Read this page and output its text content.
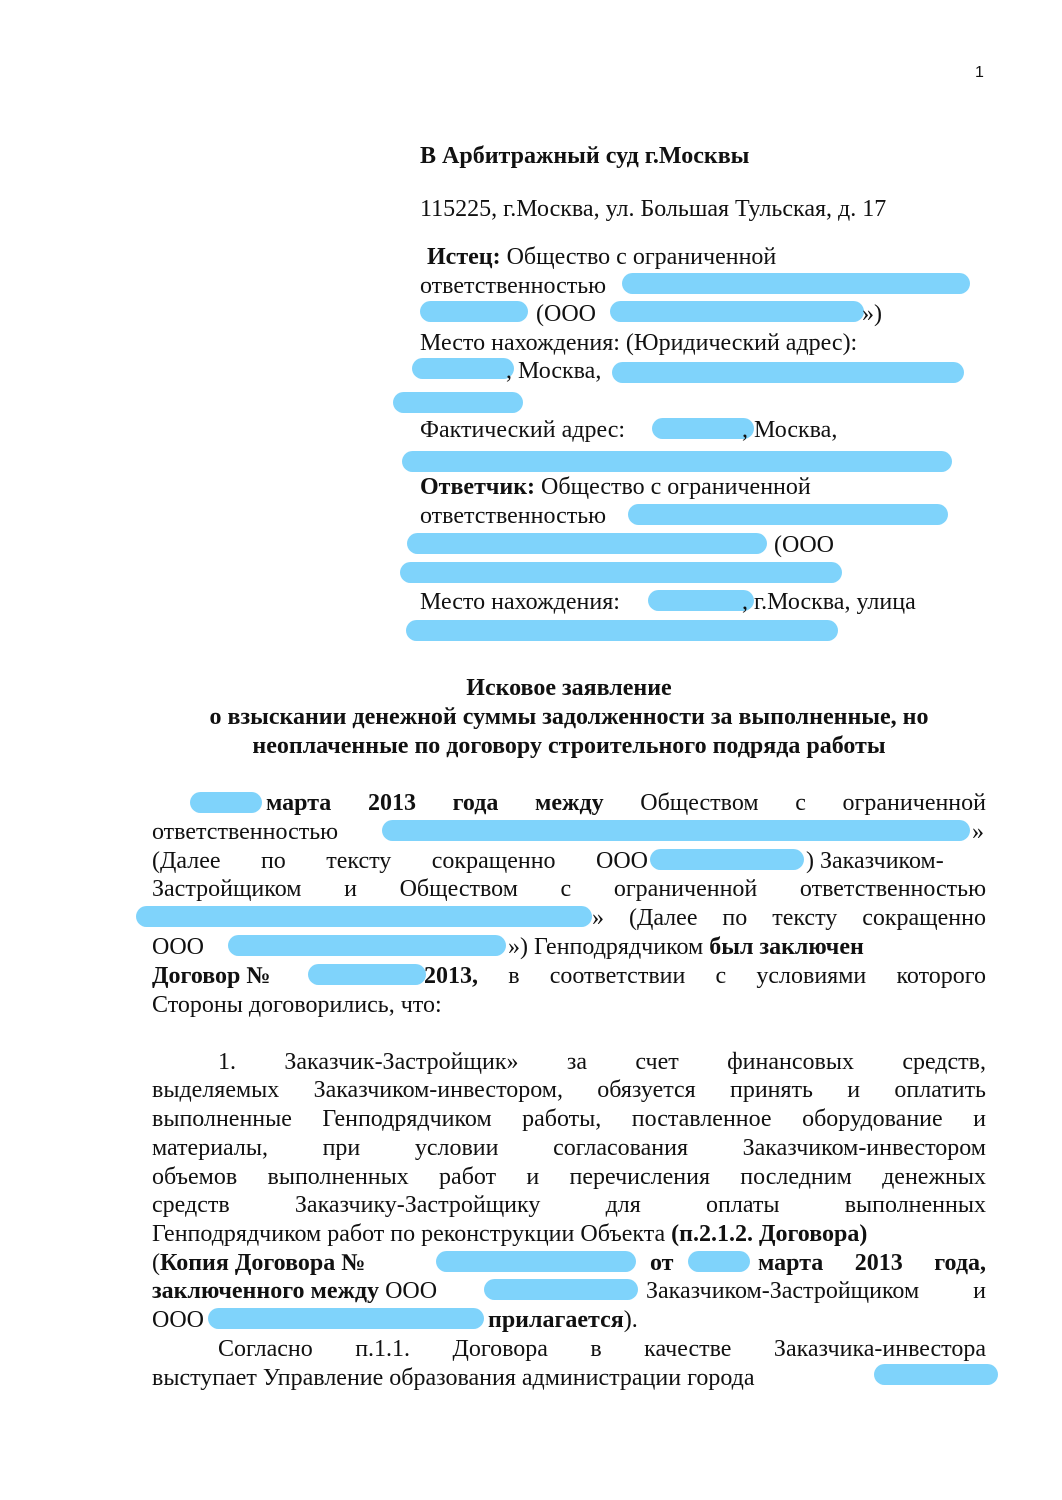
1
В Арбитражный суд г.Москвы
115225, г.Москва, ул. Большая Тульская, д. 17
Истец: Общество с ограниченной
ответственностью
(ООО	»)
Место нахождения: (Юридический адрес):
, Москва,
Фактический адрес:	, Москва,
Ответчик: Общество с ограниченной
ответственностью
(ООО
Место нахождения:	, г.Москва, улица
Исковое заявление
о взыскании денежной суммы задолженности за выполненные, но
неоплаченные по договору строительного подряда работы
марта 2013 года между Обществом с ограниченной
ответственностью	»
(Далее по тексту сокращенно ООО	) Заказчиком-
Застройщиком и Обществом с ограниченной ответственностью
» (Далее по тексту сокращенно
ООО	») Генподрядчиком был заключен
Договор №	2013, в соответствии с условиями которого
Стороны договорились, что:
1. Заказчик-Застройщик» за счет финансовых средств,
выделяемых Заказчиком-инвестором, обязуется принять и оплатить
выполненные Генподрядчиком работы, поставленное оборудование и
материалы, при условии согласования Заказчиком-инвестором
объемов выполненных работ и перечисления последним денежных
средств Заказчику-Застройщику для оплаты выполненных
Генподрядчиком работ по реконструкции Объекта (п.2.1.2. Договора)
(Копия Договора №	от	марта 2013 года,
заключенного между ООО	Заказчиком-Застройщиком и
ООО	прилагается).
Согласно п.1.1. Договора в качестве Заказчика-инвестора
выступает Управление образования администрации города
